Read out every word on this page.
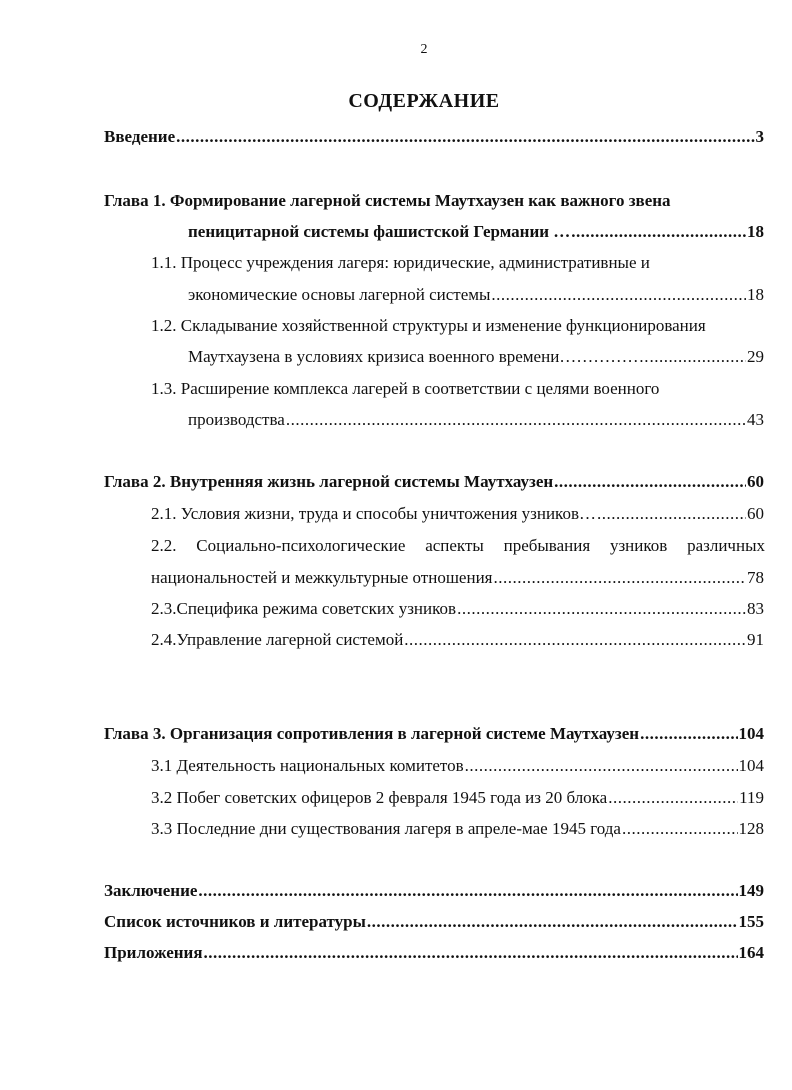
2
СОДЕРЖАНИЕ
Введение .....	3
Глава 1. Формирование лагерной системы Маутхаузен как важного звена
пеницитарной системы фашистской Германии … .....	18
1.1. Процесс учреждения лагеря: юридические, административные и
экономические основы лагерной системы .....	18
1.2. Складывание хозяйственной структуры и изменение функционирования
Маутхаузена в условиях кризиса военного времени……………. .....	29
1.3. Расширение комплекса лагерей в соответствии с целями военного
производства .....	43
Глава 2. Внутренняя жизнь лагерной системы Маутхаузен .....	60
2.1. Условия жизни, труда и способы уничтожения узников… .....	60
2.2. Социально-психологические аспекты пребывания узников различных
национальностей и межкультурные отношения .....	78
2.3.Специфика режима советских узников .....	83
2.4.Управление лагерной системой .....	91
Глава 3. Организация сопротивления в лагерной системе Маутхаузен .....	104
3.1 Деятельность национальных комитетов .....	104
3.2 Побег советских офицеров 2 февраля 1945 года из 20 блока .....	119
3.3 Последние дни существования лагеря в апреле-мае 1945 года .....	128
Заключение .....	149
Список источников и литературы .....	155
Приложения .....	164
